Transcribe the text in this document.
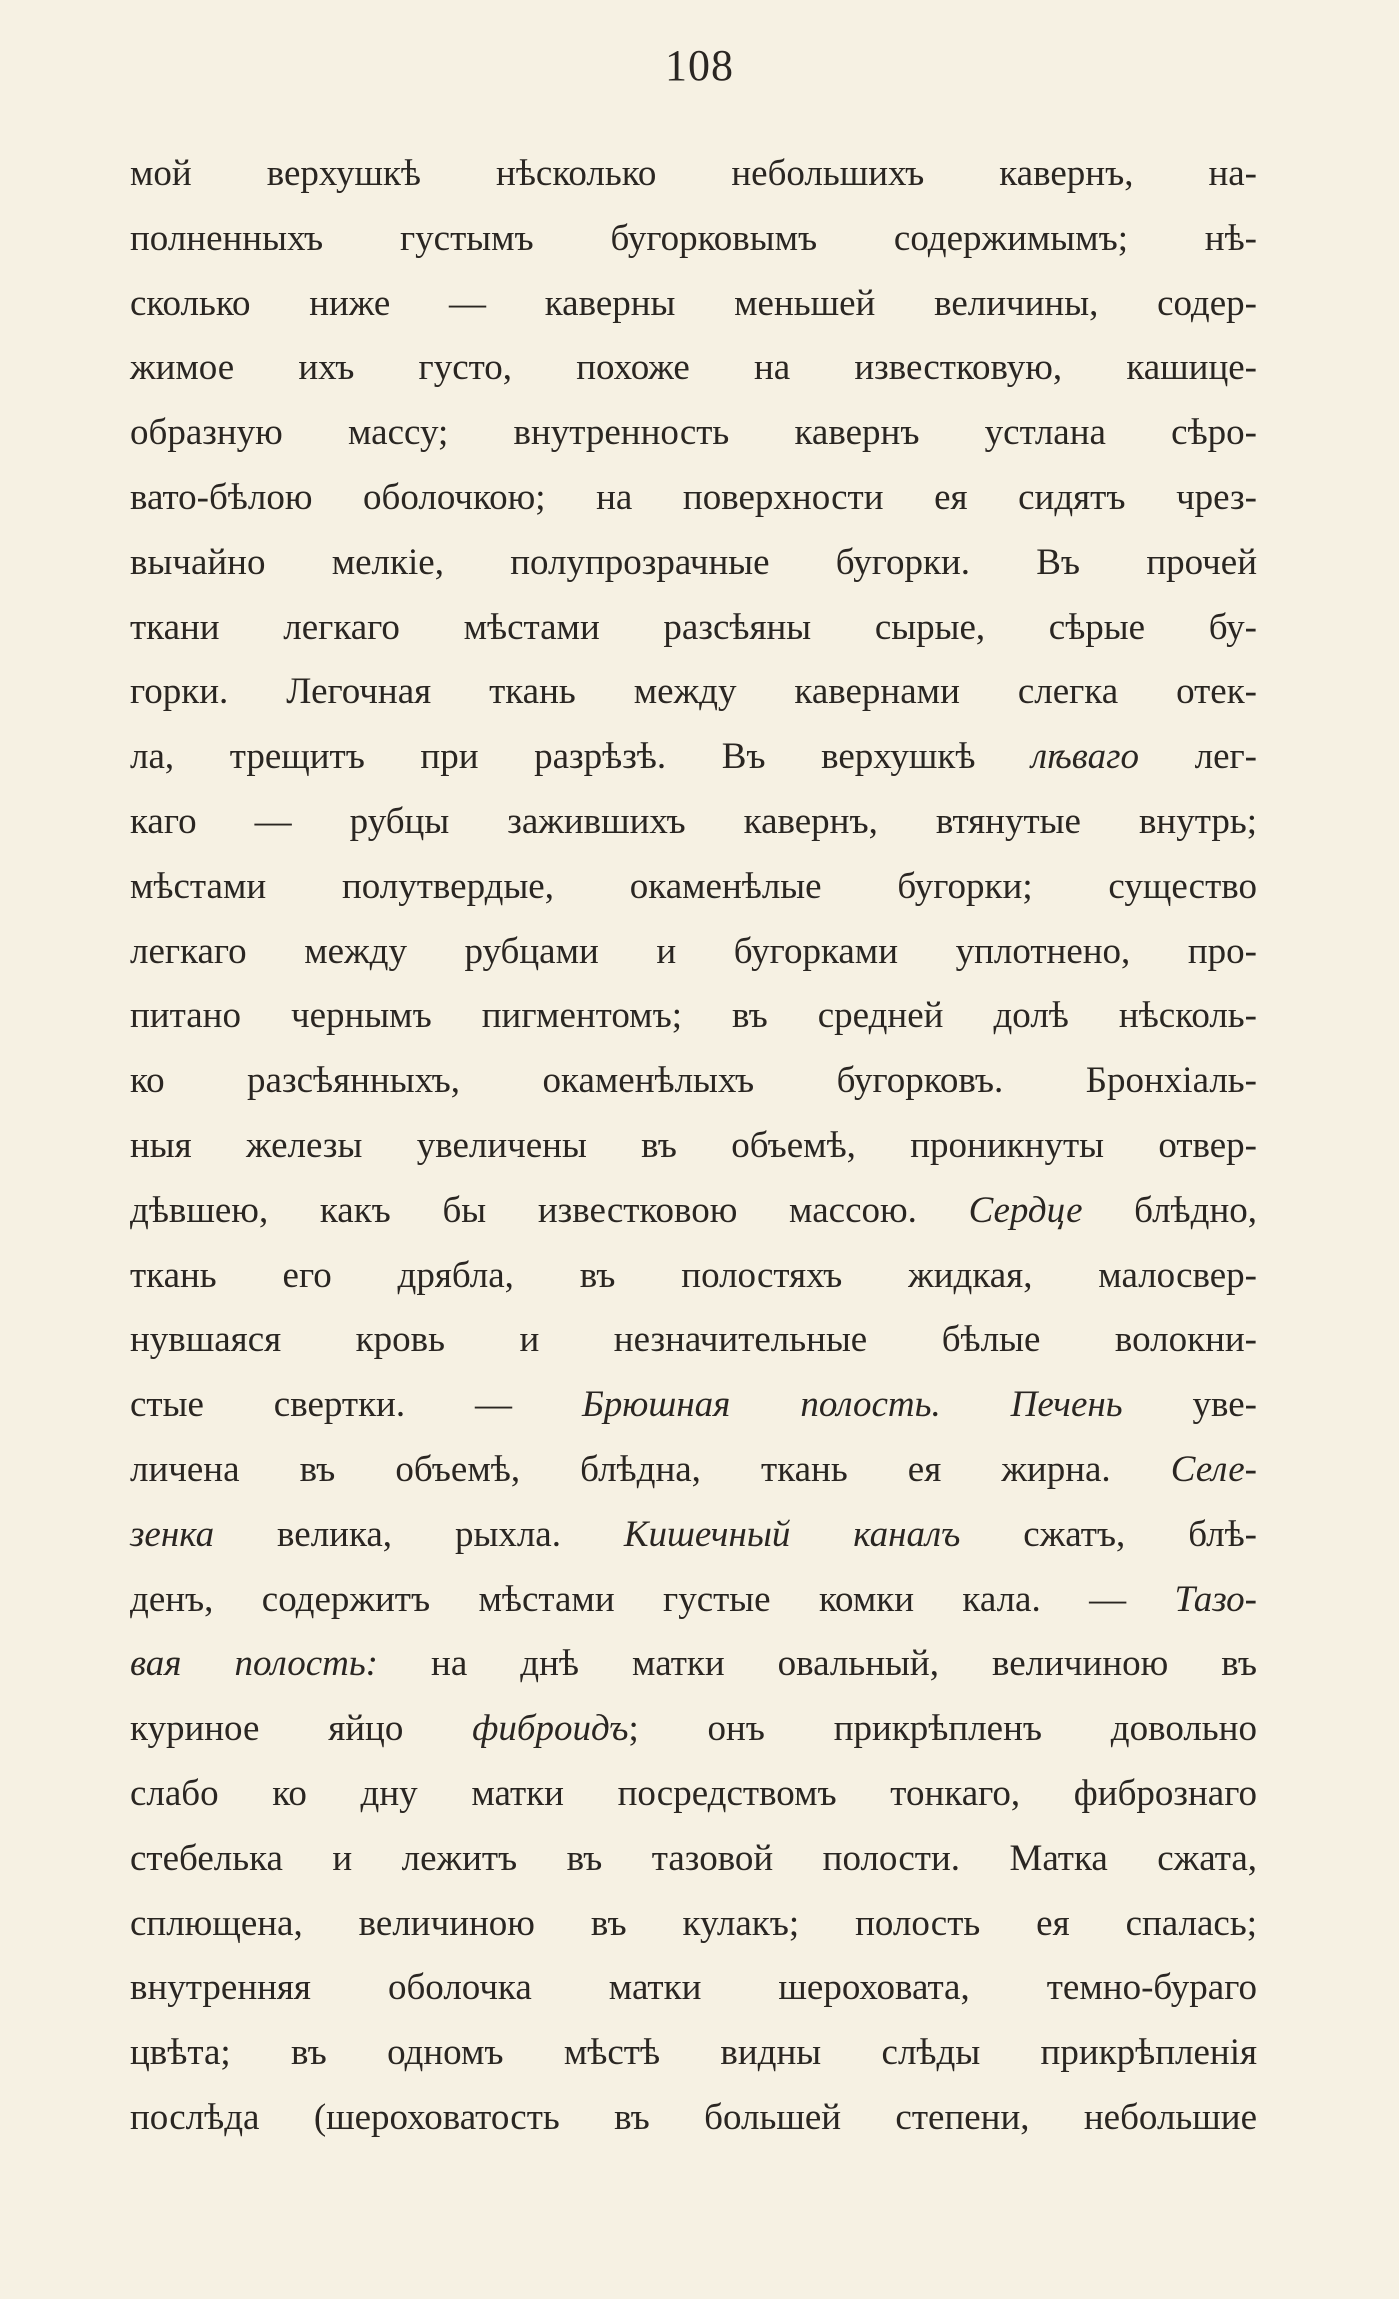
108
мой верхушкѣ нѣсколько небольшихъ кавернъ, на-
полненныхъ густымъ бугорковымъ содержимымъ; нѣ-
сколько ниже — каверны меньшей величины, содер-
жимое ихъ густо, похоже на известковую, кашице-
образную массу; внутренность кавернъ устлана сѣро-
вато-бѣлою оболочкою; на поверхности ея сидятъ чрез-
вычайно мелкіе, полупрозрачные бугорки. Въ прочей
ткани легкаго мѣстами разсѣяны сырые, сѣрые бу-
горки. Легочная ткань между кавернами слегка отек-
ла, трещитъ при разрѣзѣ. Въ верхушкѣ лѣваго лег-
каго — рубцы зажившихъ кавернъ, втянутые внутрь;
мѣстами полутвердые, окаменѣлые бугорки; существо
легкаго между рубцами и бугорками уплотнено, про-
питано чернымъ пигментомъ; въ средней долѣ нѣсколь-
ко разсѣянныхъ, окаменѣлыхъ бугорковъ. Бронхіаль-
ныя железы увеличены въ объемѣ, проникнуты отвер-
дѣвшею, какъ бы известковою массою. Сердце блѣдно,
ткань его дрябла, въ полостяхъ жидкая, малосвер-
нувшаяся кровь и незначительные бѣлые волокни-
стые свертки. — Брюшная полость. Печень уве-
личена въ объемѣ, блѣдна, ткань ея жирна. Селе-
зенка велика, рыхла. Кишечный каналъ сжатъ, блѣ-
денъ, содержитъ мѣстами густые комки кала. — Тазо-
вая полость: на днѣ матки овальный, величиною въ
куриное яйцо фиброидъ; онъ прикрѣпленъ довольно
слабо ко дну матки посредствомъ тонкаго, фибрознаго
стебелька и лежитъ въ тазовой полости. Матка сжата,
сплющена, величиною въ кулакъ; полость ея спалась;
внутренняя оболочка матки шероховата, темно-бураго
цвѣта; въ одномъ мѣстѣ видны слѣды прикрѣпленія
послѣда (шероховатость въ большей степени, небольшие
